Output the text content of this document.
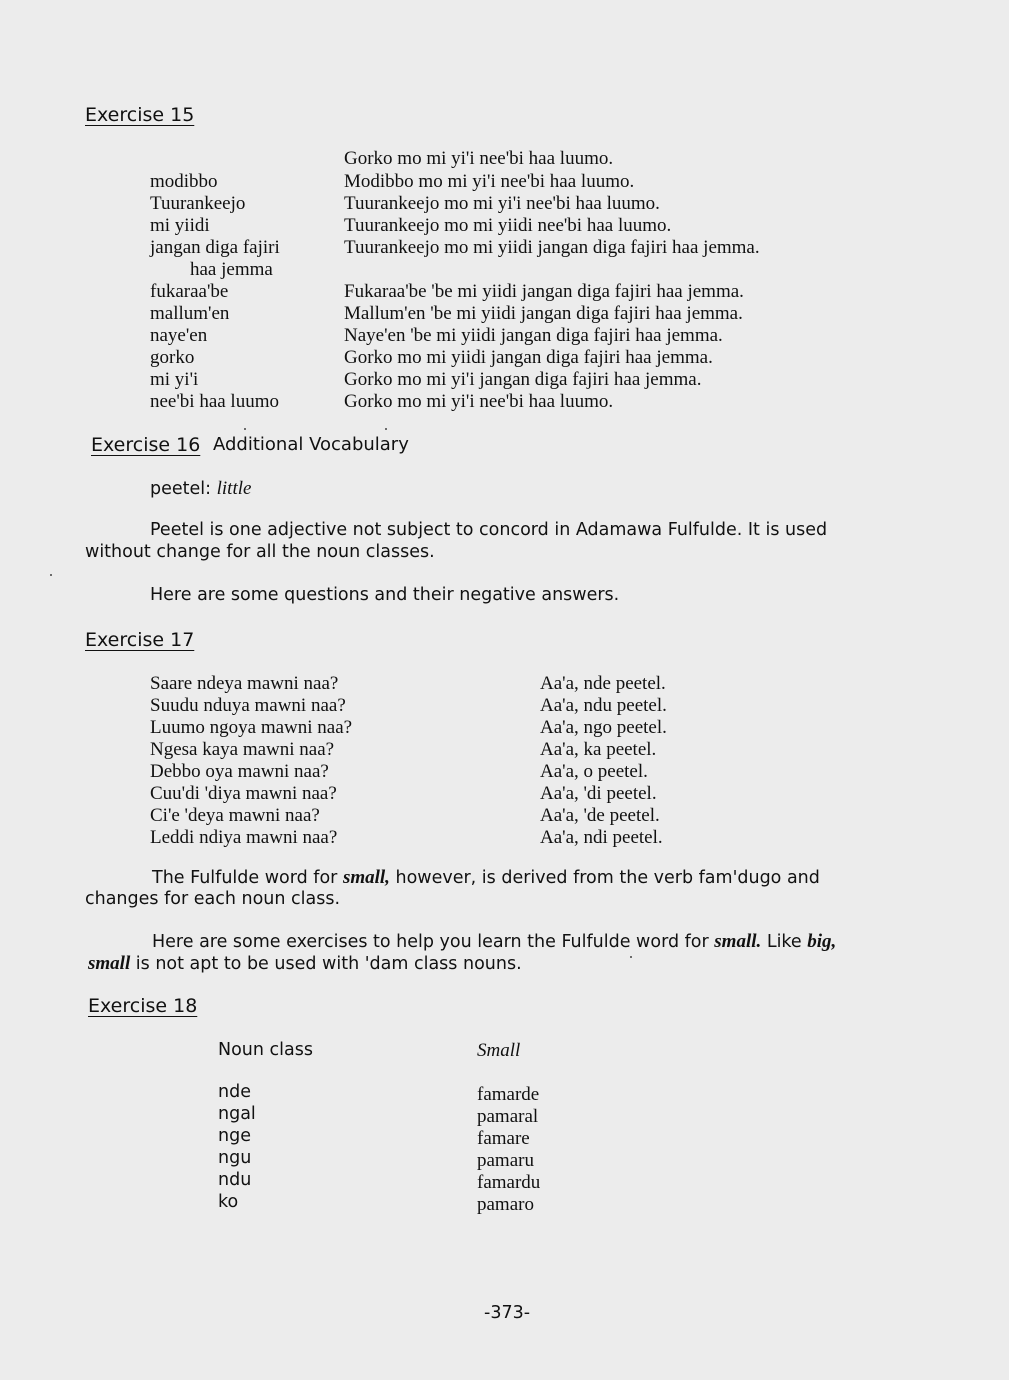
Exercise 15
Gorko mo mi yi'i nee'bi haa luumo.
modibbo
Tuurankeejo
mi yiidi
jangan diga fajiri
haa jemma
fukaraa'be
mallum'en
naye'en
gorko
mi yi'i
nee'bi haa luumo
Modibbo mo mi yi'i nee'bi haa luumo.
Tuurankeejo mo mi yi'i nee'bi haa luumo.
Tuurankeejo mo mi yiidi nee'bi haa luumo.
Tuurankeejo mo mi yiidi jangan diga fajiri haa jemma.
Fukaraa'be 'be mi yiidi jangan diga fajiri haa jemma.
Mallum'en 'be mi yiidi jangan diga fajiri haa jemma.
Naye'en 'be mi yiidi jangan diga fajiri haa jemma.
Gorko mo mi yiidi jangan diga fajiri haa jemma.
Gorko mo mi yi'i jangan diga fajiri haa jemma.
Gorko mo mi yi'i nee'bi haa luumo.
Exercise 16 Additional Vocabulary
peetel: little
Peetel is one adjective not subject to concord in Adamawa Fulfulde. It is used
without change for all the noun classes.
Here are some questions and their negative answers.
Exercise 17
Saare ndeya mawni naa?
Suudu nduya mawni naa?
Luumo ngoya mawni naa?
Ngesa kaya mawni naa?
Debbo oya mawni naa?
Cuu'di 'diya mawni naa?
Ci'e 'deya mawni naa?
Leddi ndiya mawni naa?
Aa'a, nde peetel.
Aa'a, ndu peetel.
Aa'a, ngo peetel.
Aa'a, ka peetel.
Aa'a, o peetel.
Aa'a, 'di peetel.
Aa'a, 'de peetel.
Aa'a, ndi peetel.
The Fulfulde word for small, however, is derived from the verb fam'dugo and
changes for each noun class.
Here are some exercises to help you learn the Fulfulde word for small. Like big,
small is not apt to be used with 'dam class nouns.
Exercise 18
Noun class	Small
nde
ngal
nge
ngu
ndu
ko
famarde
pamaral
famare
pamaru
famardu
pamaro
-373-
